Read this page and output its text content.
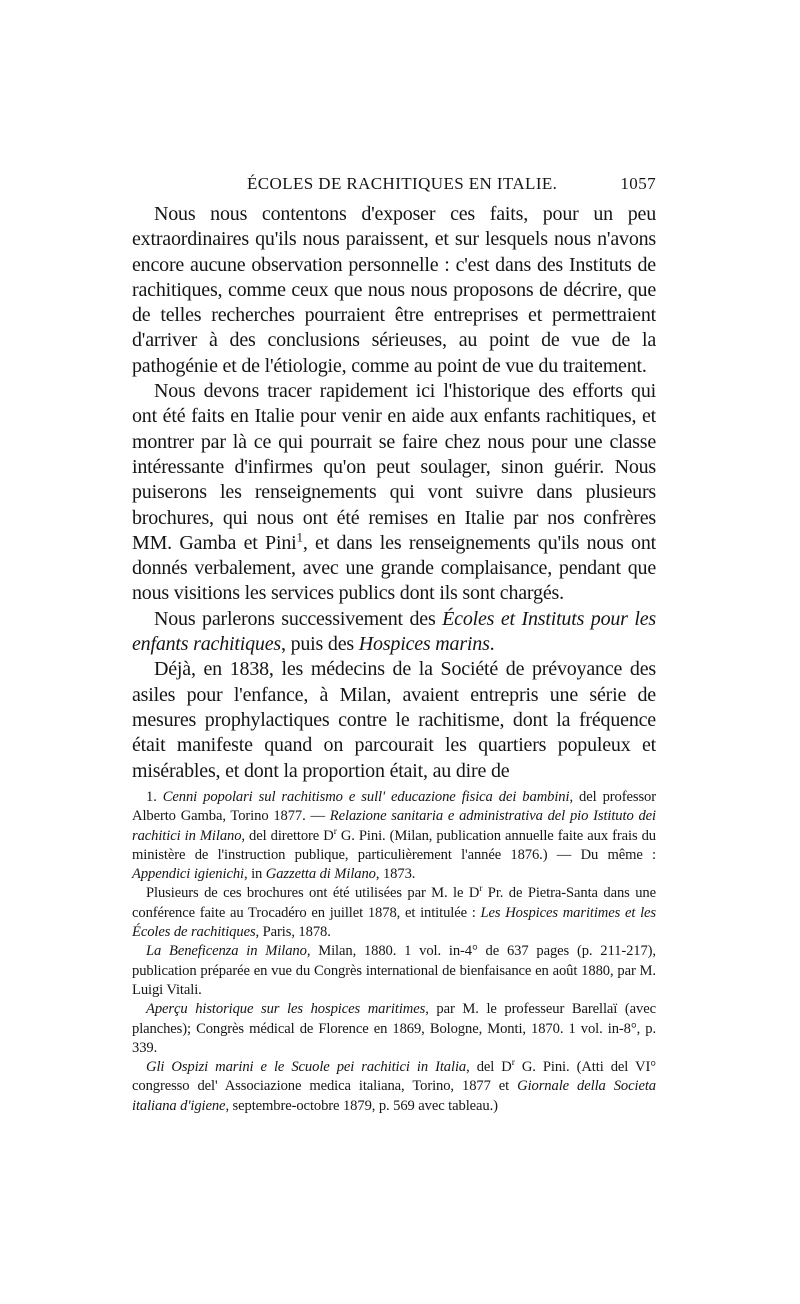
ÉCOLES DE RACHITIQUES EN ITALIE.	1057

Nous nous contentons d'exposer ces faits, pour un peu extraordinaires qu'ils nous paraissent, et sur lesquels nous n'avons encore aucune observation personnelle : c'est dans des Instituts de rachitiques, comme ceux que nous nous proposons de décrire, que de telles recherches pourraient être entreprises et permettraient d'arriver à des conclusions sérieuses, au point de vue de la pathogénie et de l'étiologie, comme au point de vue du traitement.

Nous devons tracer rapidement ici l'historique des efforts qui ont été faits en Italie pour venir en aide aux enfants rachitiques, et montrer par là ce qui pourrait se faire chez nous pour une classe intéressante d'infirmes qu'on peut soulager, sinon guérir. Nous puiserons les renseignements qui vont suivre dans plusieurs brochures, qui nous ont été remises en Italie par nos confrères MM. Gamba et Pini$^1$, et dans les renseignements qu'ils nous ont donnés verbalement, avec une grande complaisance, pendant que nous visitions les services publics dont ils sont chargés.

Nous parlerons successivement des Écoles et Instituts pour les enfants rachitiques, puis des Hospices marins.

Déjà, en 1838, les médecins de la Société de prévoyance des asiles pour l'enfance, à Milan, avaient entrepris une série de mesures prophylactiques contre le rachitisme, dont la fréquence était manifeste quand on parcourait les quartiers populeux et misérables, et dont la proportion était, au dire de

1. Cenni popolari sul rachitismo e sull' educazione fisica dei bambini, del professor Alberto Gamba, Torino 1877. — Relazione sanitaria e administrativa del pio Istituto dei rachitici in Milano, del direttore $D^r$ G. Pini. (Milan, publication annuelle faite aux frais du ministère de l'instruction publique, particulièrement l'année 1876.) — Du même : Appendici igienichi, in Gazzetta di Milano, 1873.

Plusieurs de ces brochures ont été utilisées par M. le $D^r$ Pr. de Pietra-Santa dans une conférence faite au Trocadéro en juillet 1878, et intitulée : Les Hospices maritimes et les Écoles de rachitiques, Paris, 1878.

La Beneficenza in Milano, Milan, 1880. 1 vol. in-4° de 637 pages (p. 211-217), publication préparée en vue du Congrès international de bienfaisance en août 1880, par M. Luigi Vitali.

Aperçu historique sur les hospices maritimes, par M. le professeur Barellaï (avec planches); Congrès médical de Florence en 1869, Bologne, Monti, 1870. 1 vol. in-8°, p. 339.

Gli Ospizi marini e le Scuole pei rachitici in Italia, del $D^r$ G. Pini. (Atti del VI° congresso del' Associazione medica italiana, Torino, 1877 et Giornale della Societa italiana d'igiene, septembre-octobre 1879, p. 569 avec tableau.)
